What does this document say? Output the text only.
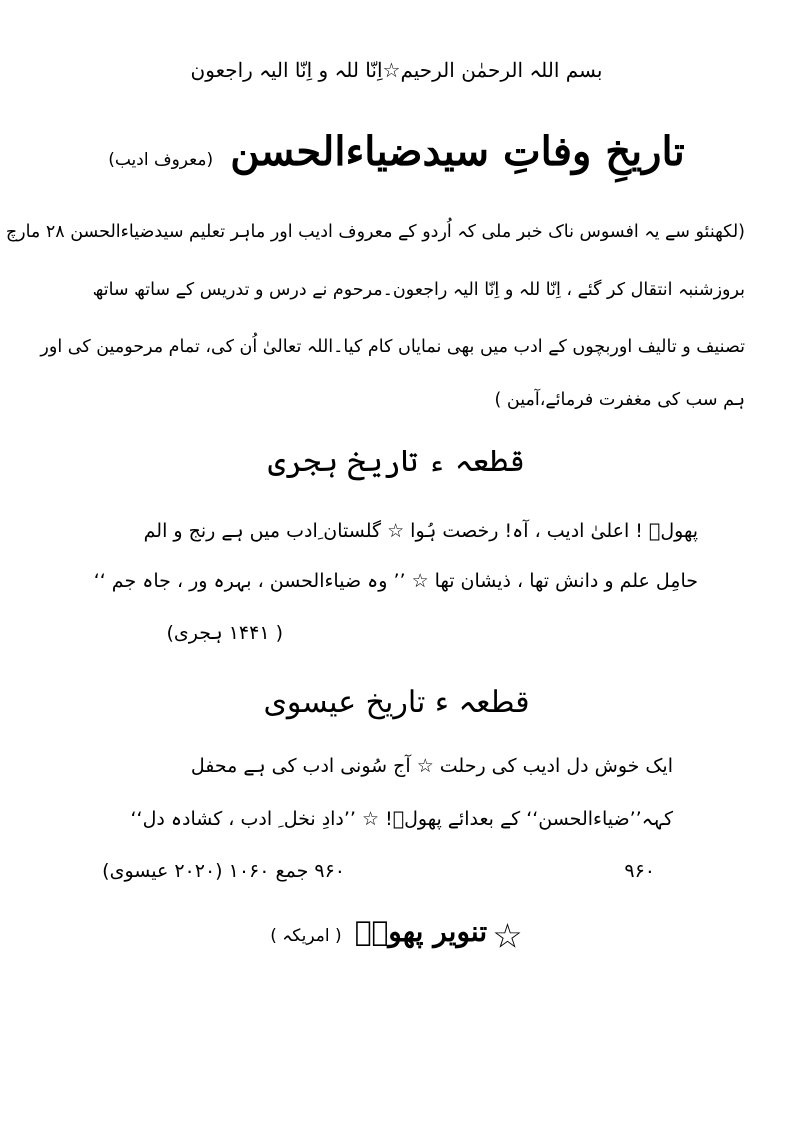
بسم اللہ الرحمٰن الرحیم☆اِنّا للہ و اِنّا الیہ راجعون
تاریخِ وفاتِ سیدضیاءالحسن (معروف ادیب)
(لکھنئو سے یہ افسوس ناک خبر ملی کہ اُردو کے معروف ادیب اور ماہر تعلیم سیدضیاءالحسن ۲۸ مارچ
بروزشنبہ انتقال کر گئے ، اِنّا للہ و اِنّا الیہ راجعون۔مرحوم نے درس و تدریس کے ساتھ ساتھ
تصنیف و تالیف اوربچوں کے ادب میں بھی نمایاں کام کیا۔اللہ تعالیٰ اُن کی، تمام مرحومین کی اور
ہم سب کی مغفرت فرمائے،آمین )
قطعہ ء تاریخ ہجری
پھولؔ ! اعلیٰ ادیب ، آہ! رخصت ہُوا ☆ گلستان ِادب میں ہے رنج و الم
حامِل علم و دانش تھا ، ذیشان تھا ☆ ’’ وہ ضیاءالحسن ، بہرہ ور ، جاہ جم ‘‘
( ۱۴۴۱ ہجری)
قطعہ ء تاریخ عیسوی
ایک خوش دل ادیب کی رحلت ☆ آج سُونی ادب کی ہے محفل
کہہ’’ضیاءالحسن‘‘ کے بعدائے پھولؔ! ☆ ’’دادِ نخل ِ ادب ، کشادہ دل‘‘
۹۶۰ جمع ۱۰۶۰ (۲۰۲۰ عیسوی)	۹۶۰
☆ تنویر پھولؔ ( امریکہ )
